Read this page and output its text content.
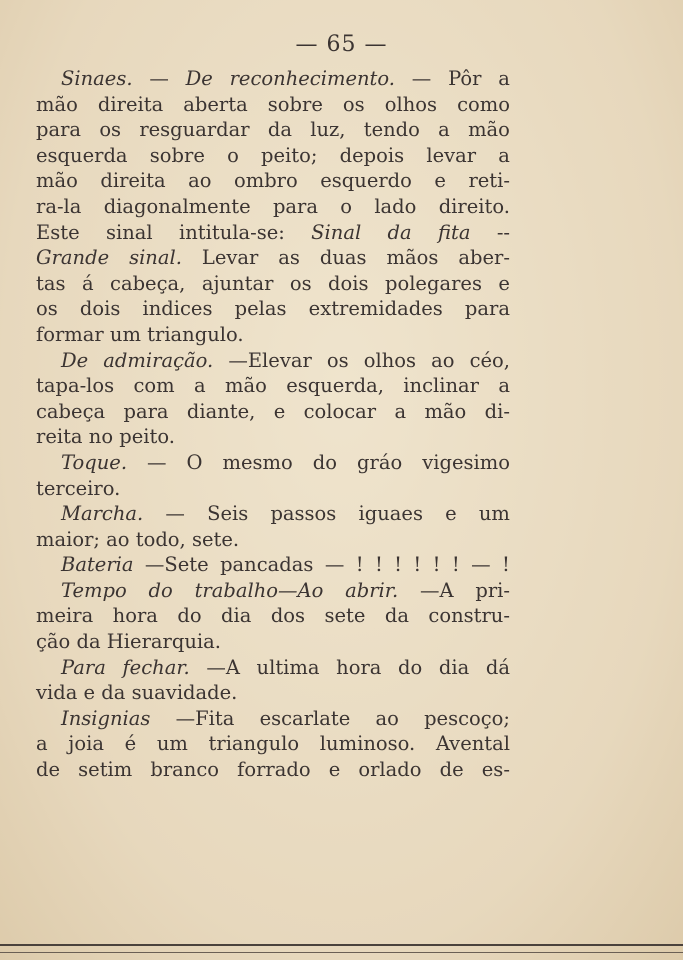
— 65 —
Sinaes. — De reconhecimento. — Pôr a
mão direita aberta sobre os olhos como
para os resguardar da luz, tendo a mão
esquerda sobre o peito; depois levar a
mão direita ao ombro esquerdo e reti-
ra-la diagonalmente para o lado direito.
Este sinal intitula-se: Sinal da fita --
Grande sinal. Levar as duas mãos aber-
tas á cabeça, ajuntar os dois polegares e
os dois indices pelas extremidades para
formar um triangulo.
De admiração. —Elevar os olhos ao céo,
tapa-los com a mão esquerda, inclinar a
cabeça para diante, e colocar a mão di-
reita no peito.
Toque. — O mesmo do gráo vigesimo
terceiro.
Marcha. — Seis passos iguaes e um
maior; ao todo, sete.
Bateria —Sete pancadas — ! ! ! ! ! ! — !
Tempo do trabalho—Ao abrir. —A pri-
meira hora do dia dos sete da constru-
ção da Hierarquia.
Para fechar. —A ultima hora do dia dá
vida e da suavidade.
Insignias —Fita escarlate ao pescoço;
a joia é um triangulo luminoso. Avental
de setim branco forrado e orlado de es-
